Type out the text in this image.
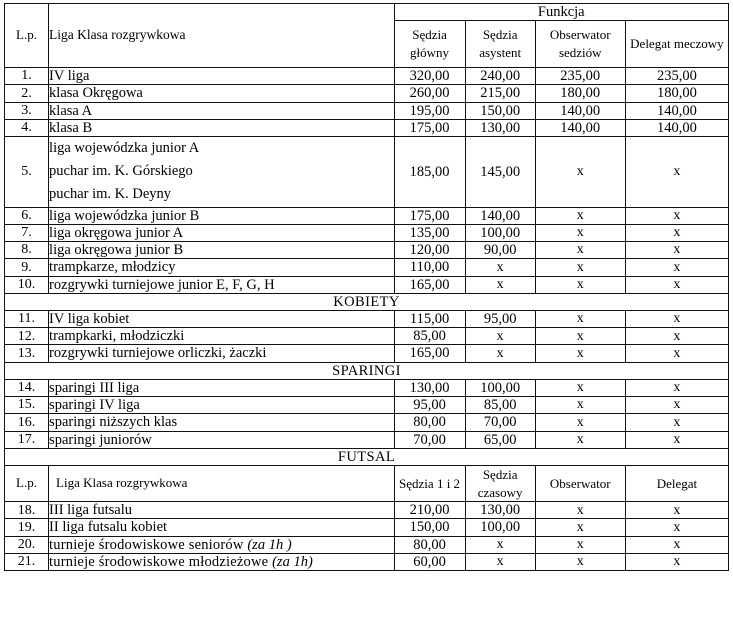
L.p.	Liga Klasa rozgrywkowa	Funkcja			
		Sędzia główny	Sędzia asystent	Obserwator sedziów	Delegat meczowy
1.	IV liga	320,00	240,00	235,00	235,00
2.	klasa Okręgowa	260,00	215,00	180,00	180,00
3.	klasa A	195,00	150,00	140,00	140,00
4.	klasa B	175,00	130,00	140,00	140,00
5.	liga wojewódzka junior A
puchar im. K. Górskiego
puchar im. K. Deyny	185,00	145,00	x	x
6.	liga wojewódzka junior B	175,00	140,00	x	x
7.	liga okręgowa junior A	135,00	100,00	x	x
8.	liga okręgowa junior B	120,00	90,00	x	x
9.	trampkarze, młodzicy	110,00	x	x	x
10.	rozgrywki turniejowe junior E, F, G, H	165,00	x	x	x
KOBIETY					
11.	IV liga kobiet	115,00	95,00	x	x
12.	trampkarki, młodziczki	85,00	x	x	x
13.	rozgrywki turniejowe orliczki, żaczki	165,00	x	x	x
SPARINGI					
14.	sparingi III liga	130,00	100,00	x	x
15.	sparingi IV liga	95,00	85,00	x	x
16.	sparingi niższych klas	80,00	70,00	x	x
17.	sparingi juniorów	70,00	65,00	x	x
FUTSAL					
L.p.	Liga Klasa rozgrywkowa	Sędzia 1 i 2	Sędzia czasowy	Obserwator	Delegat
18.	III liga futsalu	210,00	130,00	x	x
19.	II liga futsalu kobiet	150,00	100,00	x	x
20.	turnieje środowiskowe seniorów (za 1h )	80,00	x	x	x
21.	turnieje środowiskowe młodzieżowe (za 1h)	60,00	x	x	x
